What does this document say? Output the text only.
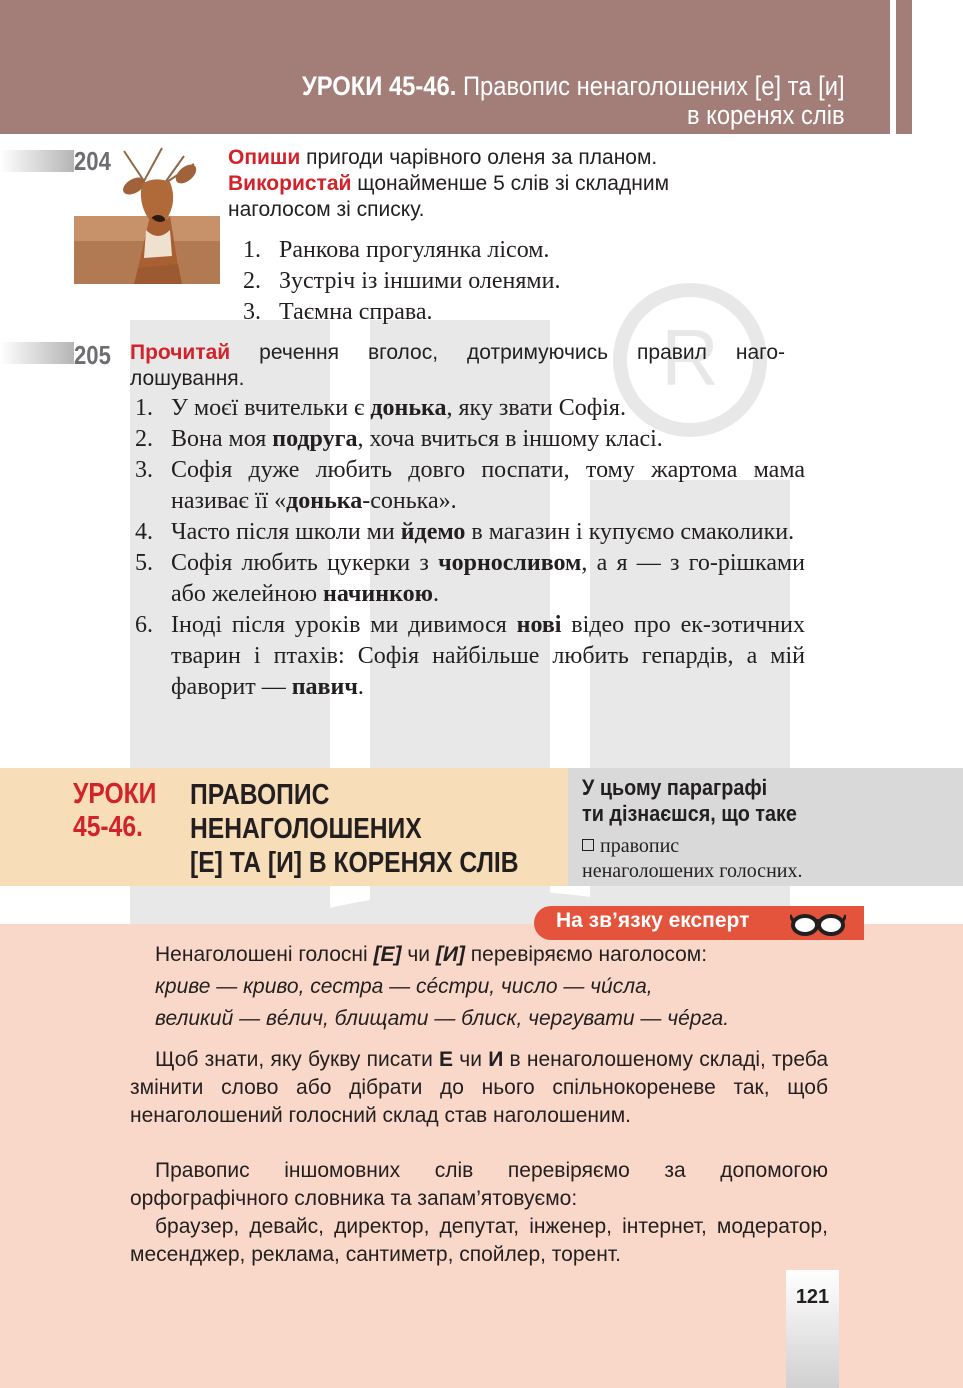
УРОКИ 45-46. Правопис ненаголошених [е] та [и]
в коренях слів
R
204	Опиши пригоди чарівного оленя за планом.
Використай щонайменше 5 слів зі складним
наголосом зі списку.
1. Ранкова прогулянка лісом.
2. Зустріч із іншими оленями.
3. Таємна справа.
205 Прочитай речення вголос, дотримуючись правил наго-
лошування.
1. У моєї вчительки є донька, яку звати Софія.
2. Вона моя подруга, хоча вчиться в іншому класі.
3. Софія дуже любить довго поспати, тому жартома мама називає її «донька-сонька».
4. Часто після школи ми йдемо в магазин і купуємо смаколики.
5. Софія любить цукерки з чорносливом, а я — з го-рішками або желейною начинкою.
6. Іноді після уроків ми дивимося нові відео про ек-зотичних тварин і птахів: Софія найбільше любить гепардів, а мій фаворит — павич.
УРОКИ
45-46.
ПРАВОПИС
НЕНАГОЛОШЕНИХ
[Е] ТА [И] В КОРЕНЯХ СЛІВ
У цьому параграфі
ти дізнаєшся, що таке
правопис
ненаголошених голосних.
На зв’язку експерт
Ненаголошені голосні [Е] чи [И] перевіряємо наголосом:
криве — криво, сестра — сéстри, число — чи́сла,
великий — вéлич, блищати — блиск, чергувати — чéрга.
Щоб знати, яку букву писати Е чи И в ненаголошеному складі, треба змінити слово або дібрати до нього спільнокореневе так, щоб ненаголошений голосний склад став наголошеним.
Правопис іншомовних слів перевіряємо за допомогою орфографічного словника та запам’ятовуємо:
браузер, девайс, директор, депутат, інженер, інтернет, модератор, месенджер, реклама, сантиметр, спойлер, торент.
121
